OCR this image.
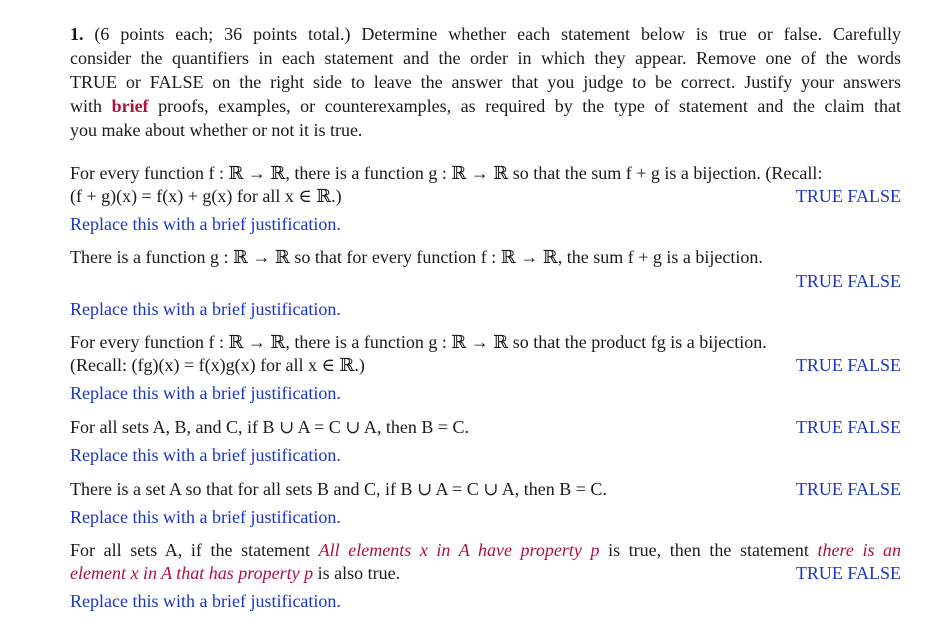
1. (6 points each; 36 points total.) Determine whether each statement below is true or false. Carefully
consider the quantifiers in each statement and the order in which they appear. Remove one of the words
TRUE or FALSE on the right side to leave the answer that you judge to be correct. Justify your answers
with brief proofs, examples, or counterexamples, as required by the type of statement and the claim that
you make about whether or not it is true.
For every function f : ℝ → ℝ, there is a function g : ℝ → ℝ so that the sum f + g is a bijection. (Recall:
(f + g)(x) = f(x) + g(x) for all x ∈ ℝ.)	TRUE FALSE
Replace this with a brief justification.
There is a function g : ℝ → ℝ so that for every function f : ℝ → ℝ, the sum f + g is a bijection.
TRUE FALSE
Replace this with a brief justification.
For every function f : ℝ → ℝ, there is a function g : ℝ → ℝ so that the product fg is a bijection.
(Recall: (fg)(x) = f(x)g(x) for all x ∈ ℝ.)	TRUE FALSE
Replace this with a brief justification.
For all sets A, B, and C, if B ∪ A = C ∪ A, then B = C.	TRUE FALSE
Replace this with a brief justification.
There is a set A so that for all sets B and C, if B ∪ A = C ∪ A, then B = C.	TRUE FALSE
Replace this with a brief justification.
For all sets A, if the statement All elements x in A have property p is true, then the statement there is an
element x in A that has property p is also true.	TRUE FALSE
Replace this with a brief justification.
